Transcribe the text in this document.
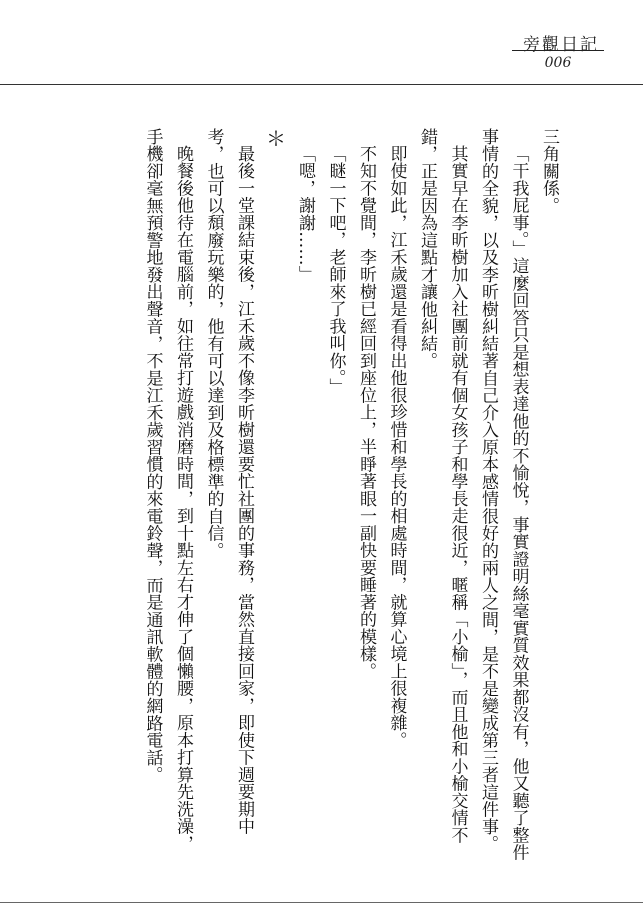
旁觀日記
006

三角關係。

「干我屁事。」這麼回答只是想表達他的不愉悅，事實證明絲毫實質效果都沒有，他又聽了整件事情的全貌，以及李昕樹糾結著自己介入原本感情很好的兩人之間，是不是變成第三者這件事。

其實早在李昕樹加入社團前就有個女孩子和學長走很近，暱稱「小榆」，而且他和小榆交情不錯，正是因為這點才讓他糾結。

即使如此，江禾歲還是看得出他很珍惜和學長的相處時間，就算心境上很複雜。

不知不覺間，李昕樹已經回到座位上，半睜著眼一副快要睡著的模樣。

「瞇一下吧，老師來了我叫你。」

「嗯，謝謝……」

＊

最後一堂課結束後，江禾歲不像李昕樹還要忙社團的事務，當然直接回家，即使下週要期中考，也可以頹廢玩樂的，他有可以達到及格標準的自信。

晚餐後他待在電腦前，如往常打遊戲消磨時間，到十點左右才伸了個懶腰，原本打算先洗澡，手機卻毫無預警地發出聲音，不是江禾歲習慣的來電鈴聲，而是通訊軟體的網路電話。
